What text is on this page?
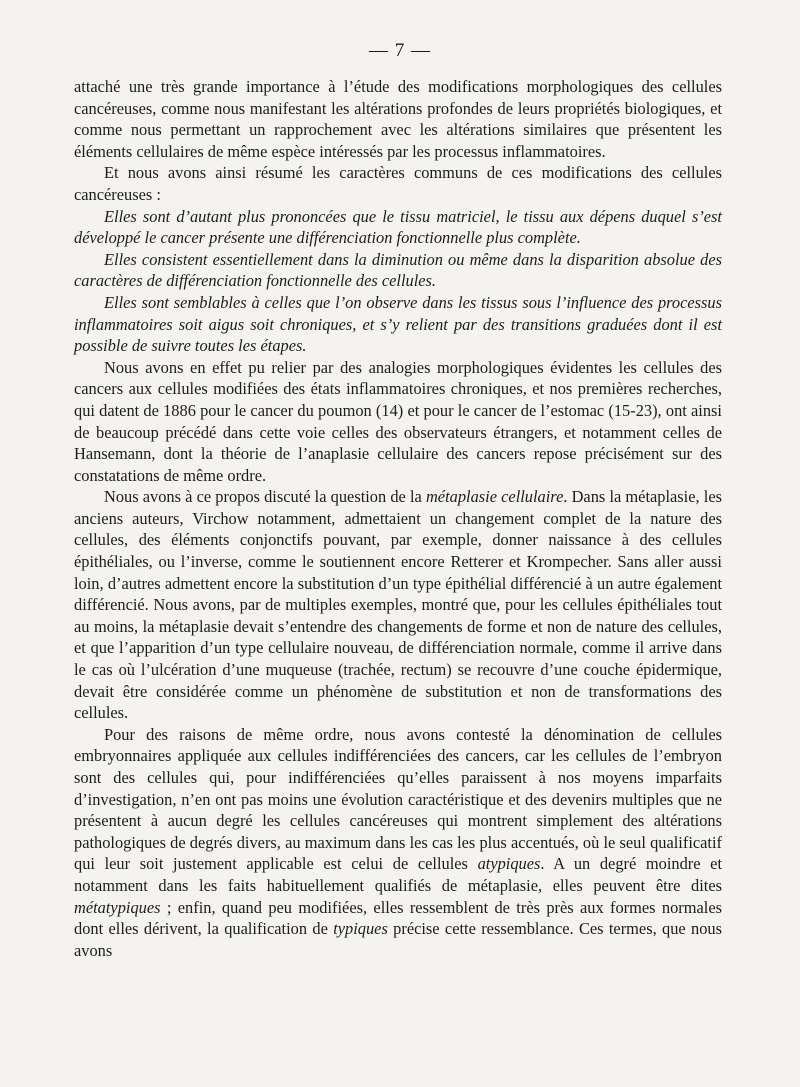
— 7 —

attaché une très grande importance à l’étude des modifications morphologiques des cellules cancéreuses, comme nous manifestant les altérations profondes de leurs propriétés biologiques, et comme nous permettant un rapprochement avec les altérations similaires que présentent les éléments cellulaires de même espèce intéressés par les processus inflammatoires.

Et nous avons ainsi résumé les caractères communs de ces modifications des cellules cancéreuses :

Elles sont d’autant plus prononcées que le tissu matriciel, le tissu aux dépens duquel s’est développé le cancer présente une différenciation fonctionnelle plus complète.

Elles consistent essentiellement dans la diminution ou même dans la disparition absolue des caractères de différenciation fonctionnelle des cellules.

Elles sont semblables à celles que l’on observe dans les tissus sous l’influence des processus inflammatoires soit aigus soit chroniques, et s’y relient par des transitions graduées dont il est possible de suivre toutes les étapes.

Nous avons en effet pu relier par des analogies morphologiques évidentes les cellules des cancers aux cellules modifiées des états inflammatoires chroniques, et nos premières recherches, qui datent de 1886 pour le cancer du poumon (14) et pour le cancer de l’estomac (15-23), ont ainsi de beaucoup précédé dans cette voie celles des observateurs étrangers, et notamment celles de Hansemann, dont la théorie de l’anaplasie cellulaire des cancers repose précisément sur des constatations de même ordre.

Nous avons à ce propos discuté la question de la métaplasie cellulaire. Dans la métaplasie, les anciens auteurs, Virchow notamment, admettaient un changement complet de la nature des cellules, des éléments conjonctifs pouvant, par exemple, donner naissance à des cellules épithéliales, ou l’inverse, comme le soutiennent encore Retterer et Krompecher. Sans aller aussi loin, d’autres admettent encore la substitution d’un type épithélial différencié à un autre également différencié. Nous avons, par de multiples exemples, montré que, pour les cellules épithéliales tout au moins, la métaplasie devait s’entendre des changements de forme et non de nature des cellules, et que l’apparition d’un type cellulaire nouveau, de différenciation normale, comme il arrive dans le cas où l’ulcération d’une muqueuse (trachée, rectum) se recouvre d’une couche épidermique, devait être considérée comme un phénomène de substitution et non de transformations des cellules.

Pour des raisons de même ordre, nous avons contesté la dénomination de cellules embryonnaires appliquée aux cellules indifférenciées des cancers, car les cellules de l’embryon sont des cellules qui, pour indifférenciées qu’elles paraissent à nos moyens imparfaits d’investigation, n’en ont pas moins une évolution caractéristique et des devenirs multiples que ne présentent à aucun degré les cellules cancéreuses qui montrent simplement des altérations pathologiques de degrés divers, au maximum dans les cas les plus accentués, où le seul qualificatif qui leur soit justement applicable est celui de cellules atypiques. A un degré moindre et notamment dans les faits habituellement qualifiés de métaplasie, elles peuvent être dites métatypiques ; enfin, quand peu modifiées, elles ressemblent de très près aux formes normales dont elles dérivent, la qualification de typiques précise cette ressemblance. Ces termes, que nous avons
